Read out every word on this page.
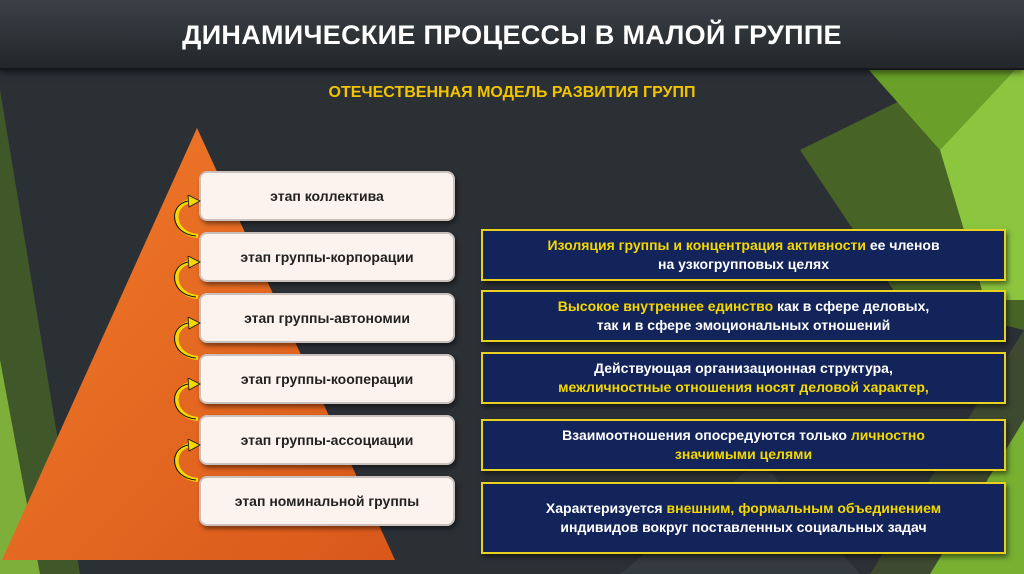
ДИНАМИЧЕСКИЕ ПРОЦЕССЫ В МАЛОЙ ГРУППЕ
ОТЕЧЕСТВЕННАЯ МОДЕЛЬ РАЗВИТИЯ ГРУПП
этап коллектива
этап группы-корпорации
этап группы-автономии
этап группы-кооперации
этап группы-ассоциации
этап номинальной группы
Изоляция группы и концентрация активности ее членов
на узкогрупповых целях
Высокое внутреннее единство как в сфере деловых,
так и в сфере эмоциональных отношений
Действующая организационная структура,
межличностные отношения носят деловой характер,
Взаимоотношения опосредуются только личностно
значимыми целями
Характеризуется внешним, формальным объединением
индивидов вокруг поставленных социальных задач
